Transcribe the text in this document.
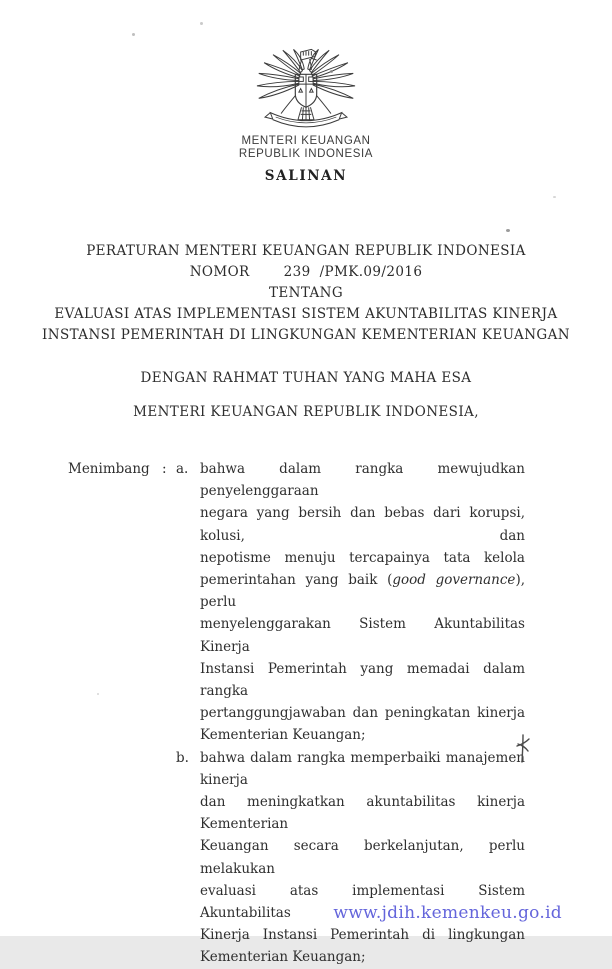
MENTERI KEUANGAN
REPUBLIK INDONESIA
SALINAN
PERATURAN MENTERI KEUANGAN REPUBLIK INDONESIA
NOMOR	239 /PMK.09/2016
TENTANG
EVALUASI ATAS IMPLEMENTASI SISTEM AKUNTABILITAS KINERJA
INSTANSI PEMERINTAH DI LINGKUNGAN KEMENTERIAN KEUANGAN
DENGAN RAHMAT TUHAN YANG MAHA ESA
MENTERI KEUANGAN REPUBLIK INDONESIA,
Menimbang : a. bahwa dalam rangka mewujudkan penyelenggaraan
negara yang bersih dan bebas dari korupsi, kolusi, dan
nepotisme menuju tercapainya tata kelola
pemerintahan yang baik (good governance), perlu
menyelenggarakan Sistem Akuntabilitas Kinerja
Instansi Pemerintah yang memadai dalam rangka
pertanggungjawaban dan peningkatan kinerja
Kementerian Keuangan;
b. bahwa dalam rangka memperbaiki manajemen kinerja
dan meningkatkan akuntabilitas kinerja Kementerian
Keuangan secara berkelanjutan, perlu melakukan
evaluasi atas implementasi Sistem Akuntabilitas
Kinerja Instansi Pemerintah di lingkungan
Kementerian Keuangan;
www.jdih.kemenkeu.go.id
